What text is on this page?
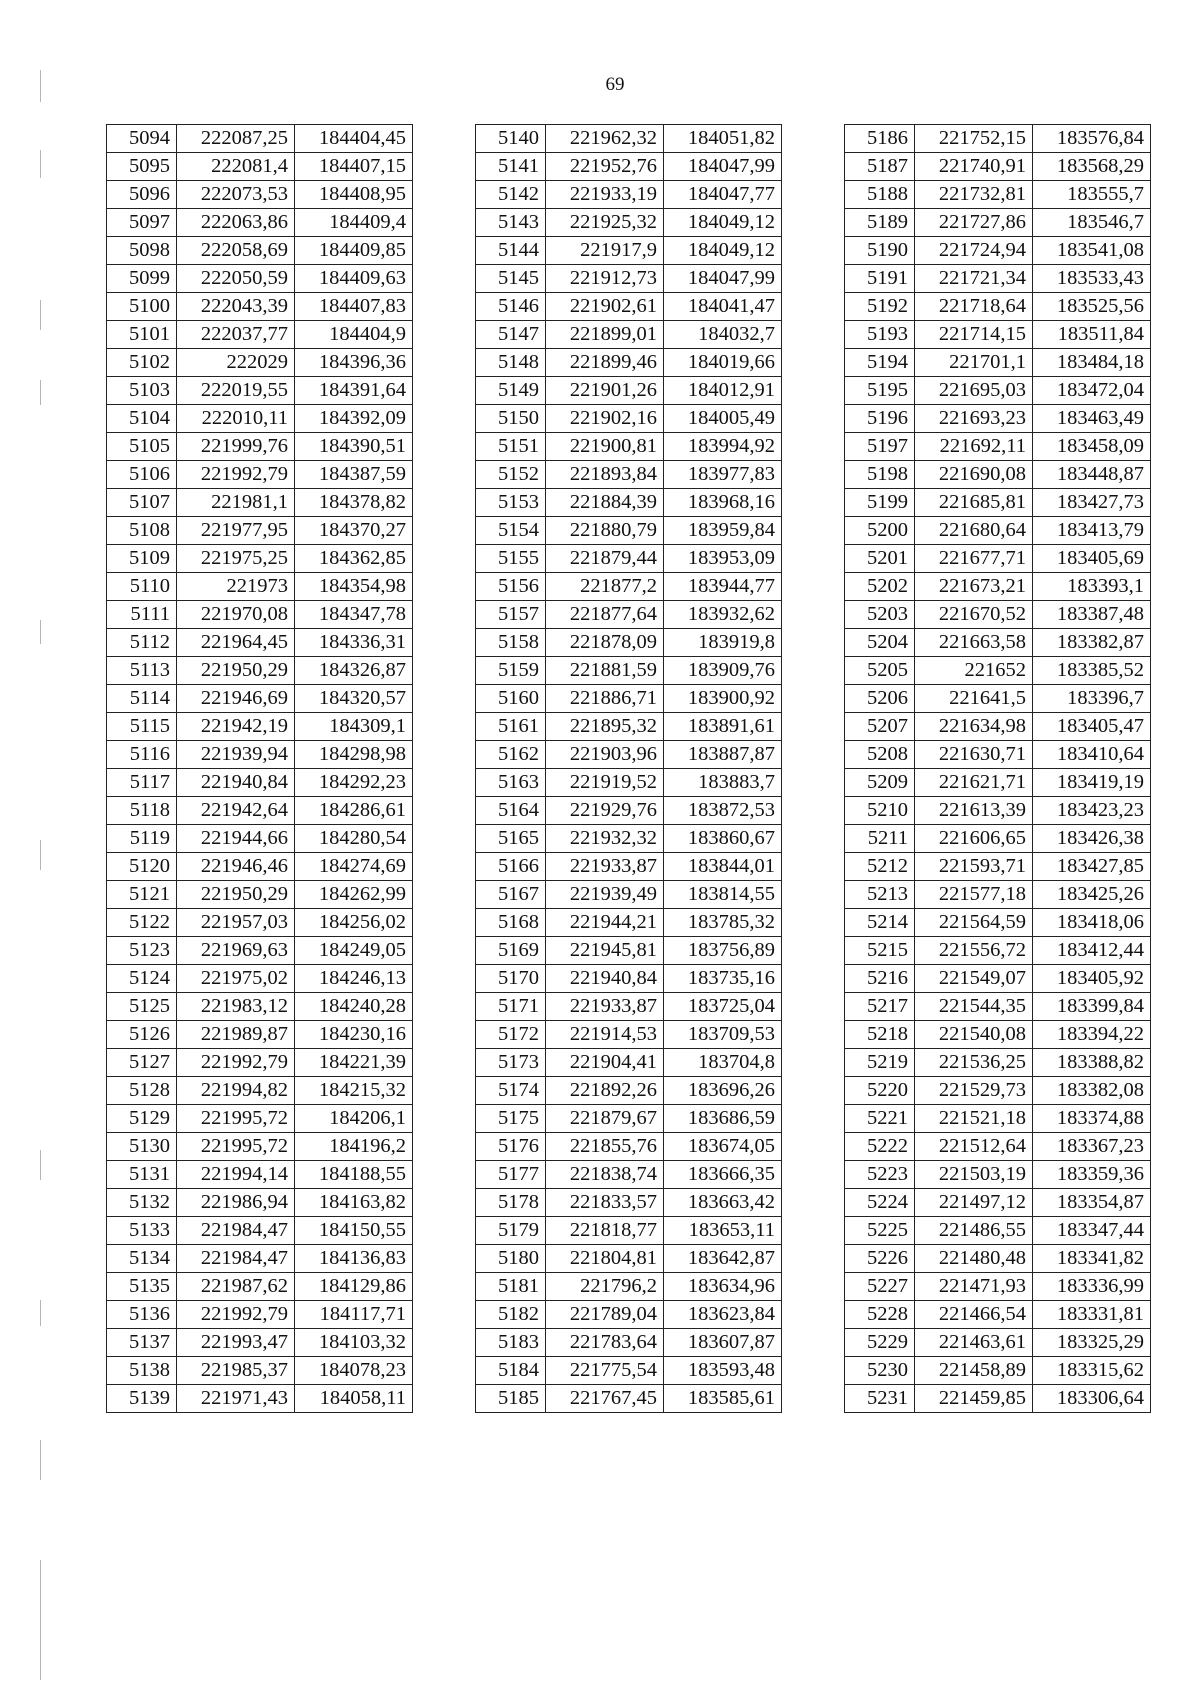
69
5094	222087,25	184404,45
5095	222081,4	184407,15
5096	222073,53	184408,95
5097	222063,86	184409,4
5098	222058,69	184409,85
5099	222050,59	184409,63
5100	222043,39	184407,83
5101	222037,77	184404,9
5102	222029	184396,36
5103	222019,55	184391,64
5104	222010,11	184392,09
5105	221999,76	184390,51
5106	221992,79	184387,59
5107	221981,1	184378,82
5108	221977,95	184370,27
5109	221975,25	184362,85
5110	221973	184354,98
5111	221970,08	184347,78
5112	221964,45	184336,31
5113	221950,29	184326,87
5114	221946,69	184320,57
5115	221942,19	184309,1
5116	221939,94	184298,98
5117	221940,84	184292,23
5118	221942,64	184286,61
5119	221944,66	184280,54
5120	221946,46	184274,69
5121	221950,29	184262,99
5122	221957,03	184256,02
5123	221969,63	184249,05
5124	221975,02	184246,13
5125	221983,12	184240,28
5126	221989,87	184230,16
5127	221992,79	184221,39
5128	221994,82	184215,32
5129	221995,72	184206,1
5130	221995,72	184196,2
5131	221994,14	184188,55
5132	221986,94	184163,82
5133	221984,47	184150,55
5134	221984,47	184136,83
5135	221987,62	184129,86
5136	221992,79	184117,71
5137	221993,47	184103,32
5138	221985,37	184078,23
5139	221971,43	184058,11
5140	221962,32	184051,82
5141	221952,76	184047,99
5142	221933,19	184047,77
5143	221925,32	184049,12
5144	221917,9	184049,12
5145	221912,73	184047,99
5146	221902,61	184041,47
5147	221899,01	184032,7
5148	221899,46	184019,66
5149	221901,26	184012,91
5150	221902,16	184005,49
5151	221900,81	183994,92
5152	221893,84	183977,83
5153	221884,39	183968,16
5154	221880,79	183959,84
5155	221879,44	183953,09
5156	221877,2	183944,77
5157	221877,64	183932,62
5158	221878,09	183919,8
5159	221881,59	183909,76
5160	221886,71	183900,92
5161	221895,32	183891,61
5162	221903,96	183887,87
5163	221919,52	183883,7
5164	221929,76	183872,53
5165	221932,32	183860,67
5166	221933,87	183844,01
5167	221939,49	183814,55
5168	221944,21	183785,32
5169	221945,81	183756,89
5170	221940,84	183735,16
5171	221933,87	183725,04
5172	221914,53	183709,53
5173	221904,41	183704,8
5174	221892,26	183696,26
5175	221879,67	183686,59
5176	221855,76	183674,05
5177	221838,74	183666,35
5178	221833,57	183663,42
5179	221818,77	183653,11
5180	221804,81	183642,87
5181	221796,2	183634,96
5182	221789,04	183623,84
5183	221783,64	183607,87
5184	221775,54	183593,48
5185	221767,45	183585,61
5186	221752,15	183576,84
5187	221740,91	183568,29
5188	221732,81	183555,7
5189	221727,86	183546,7
5190	221724,94	183541,08
5191	221721,34	183533,43
5192	221718,64	183525,56
5193	221714,15	183511,84
5194	221701,1	183484,18
5195	221695,03	183472,04
5196	221693,23	183463,49
5197	221692,11	183458,09
5198	221690,08	183448,87
5199	221685,81	183427,73
5200	221680,64	183413,79
5201	221677,71	183405,69
5202	221673,21	183393,1
5203	221670,52	183387,48
5204	221663,58	183382,87
5205	221652	183385,52
5206	221641,5	183396,7
5207	221634,98	183405,47
5208	221630,71	183410,64
5209	221621,71	183419,19
5210	221613,39	183423,23
5211	221606,65	183426,38
5212	221593,71	183427,85
5213	221577,18	183425,26
5214	221564,59	183418,06
5215	221556,72	183412,44
5216	221549,07	183405,92
5217	221544,35	183399,84
5218	221540,08	183394,22
5219	221536,25	183388,82
5220	221529,73	183382,08
5221	221521,18	183374,88
5222	221512,64	183367,23
5223	221503,19	183359,36
5224	221497,12	183354,87
5225	221486,55	183347,44
5226	221480,48	183341,82
5227	221471,93	183336,99
5228	221466,54	183331,81
5229	221463,61	183325,29
5230	221458,89	183315,62
5231	221459,85	183306,64
